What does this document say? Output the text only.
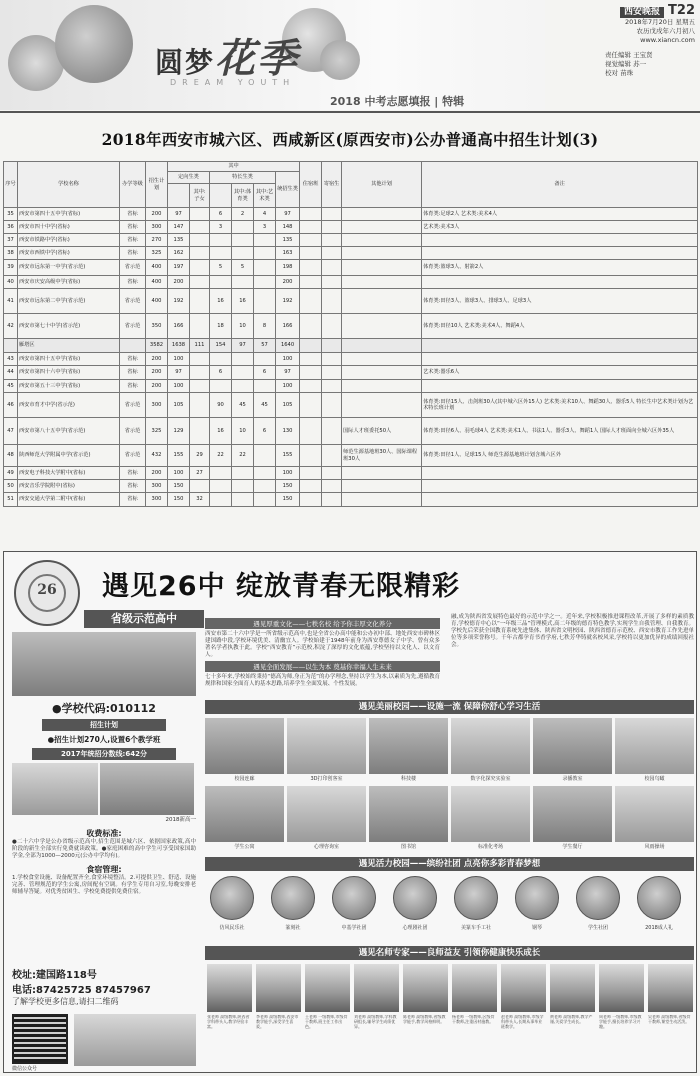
圆梦花季
DREAM YOUTH
2018 中考志愿填报 | 特辑
西安晚报 T22
2018年7月20日 星期五
农历戊戌年六月初八
www.xiancn.com
责任编辑 王宝贤
视觉编辑 苏一
校对 苗珠
2018年西安市城六区、西咸新区(原西安市)公办普通高中招生计划(3)
序号	学校名称	办学等级	招生计划	其中						住宿班	寄宿生	其他计划	备注
				定向生类		特长生类			统招生类				
					其中:子女		其中:体育类	其中:艺术类					
35	西安市第四十五中学(省标)	省标	200	97		6	2	4	97				体育类:足球2人 艺术类:美术4人
36	西安市四十中学(省标)	省标	300	147		3		3	148				艺术类:美术3人
37	西安市铁路中学(省标)	省标	270	135					135				
38	西安市西铁中学(省标)	省标	325	162					163				
39	西安市远东第一中学(省示范)	省示范	400	197		5	5		198				体育类:篮球3人、射箭2人
40	西安市庆安高级中学(省标)	省标	400	200					200				
41	西安市远东第二中学(省示范)	省示范	400	192		16	16		192				体育类:田径3人、篮球3人、排球3人、足球3人
42	西安市第七十中学(省示范)	省示范	350	166		18	10	8	166				体育类:田径10人 艺术类:美术4人、舞蹈4人
	雁塔区		3582	1638	111	154	97	57	1640				
43	西安市第四十五中学(省标)	省标	200	100					100				
44	西安市第四十六中学(省标)	省标	200	97		6		6	97				艺术类:器乐6人
45	西安市第五十三中学(省标)	省标	200	100					100				
46	西安市育才中学(省示范)	省示范	300	105		90	45	45	105				体育类:田径15人、击剑班30人(其中城六区外15人) 艺术类:美术10人、舞蹈30人、器乐5人 特长生中艺术类计划为艺术特长班计划
47	西安市第八十五中学(省示范)	省示范	325	129		16	10	6	130			国际人才班委托50人	体育类:田径6人、羽毛球4人 艺术类:美术1人、书法1人、器乐3人、舞蹈1人 国际人才班面向全城六区外35人
48	陕西师范大学附属中学(省示范)	省示范	432	155	29	22	22		155			师范生源基地班30人、国际课程班30人	体育类:田径1人、足球15人 师范生源基地班计划含城六区外
49	西安电子科技大学附中(省标)	省标	200	100	27				100				
50	西安音乐学院附中(省标)	省标	300	150					150				
51	西安交通大学第二附中(省标)	省标	300	150	32				150				
26	遇见26中 绽放青春无限精彩
省级示范高中
●学校代码:010112
招生计划
●招生计划270人,设置6个教学班
2017年统招分数线:642分

2018新高一
收费标准:
●二十六中学是公办省级示范高中,招生范围是城六区、依据国家政策,高中阶段的新生全部实行免费就读政策。●家庭困难的高中学生可享受国家国助学金,全部为1000—2000元(公办中学均有)。
食宿管理:
1.学校食堂设施、设备配置齐全,食堂环境整洁。2.可提供卫生、舒适、设施完善、管理规范的学生公寓,房间配有空调。有学生专用自习室,每晚安排老师辅导答疑。对优秀贫困生、学校免费提供免费住宿。
校址:建国路118号
电话:87425725 87457967
了解学校更多信息,请扫二维码
微信公众号
遇见厚重文化——七秩名校 给予你丰厚文化养分
西安市第二十六中学是一所省级示范高中,也是全省公办高中能和公办初中部、地处西安市碑林区建国路中段,学校环境优美、清幽宜人。学校始建于1948年前身为西安尊德女子中学、曾有众多著名学者执教于此。学校“西安教育”示范校,积淀了深厚的文化底蕴,学校坚持以文化人、以文育人。
遇见全面发展——以生为本 奠基你幸福人生未来
七十多年来,学校始终秉持“德高为师,身正为范”的办学理念,坚持以学生为本,以素质为先,遵循教育规律和国家全面育人的基本思路,培养学生全面发展、个性发展。
融,成为陕西省发展特色最好的示范中学之一。近年来,学校积极推进课程改革,开展了多样的素质教育,学校德育中心以“一年级三品”管理模式,高二年级的德育特色教学,实现学生自我管理、自我教育。学校先后荣获全国教育系统先进集体、陕西省文明校园、陕西省德育示范校、西安市教育工作先进单位等多项荣誉称号。千年古都孕育书香学府,七秩芳华铸就名校风采,学校将以更加优异的成绩回报社会。
遇见美丽校园——设施一流 保障你舒心学习生活
遇见活力校园——缤纷社团 点亮你多彩青春梦想
遇见名师专家——良师益友 引领你健康快乐成长
校园连廊	3D打印创客室	科技楼	数字化探究实验室	录播教室	校园鸟瞰
学生公寓	心理咨询室	图书馆	标准化考场	学生餐厅	风雨操场
仿风民乐社	篆刻社	中基学社团	心理剧社团	美篆车手工社	钢琴	学生社团	2018成人礼
张老师 高级教师,陕西省学科带头人,教学经验丰富。
李老师 高级教师,西安市教学能手,深受学生喜爱。
王老师 一级教师,市级骨干教师,班主任工作出色。
刘老师 高级教师,学科教研组长,辅导学生成绩优异。
陈老师 高级教师,省级教学能手,教学风格鲜明。
杨老师 一级教师,区级骨干教师,注重因材施教。
赵老师 高级教师,市级学科带头人,长期从事毕业班教学。
黄老师 高级教师,教学严谨,关爱学生成长。
周老师 一级教师,市级教学能手,擅长培养学习兴趣。
吴老师 高级教师,省级骨干教师,课堂生动活泼。
